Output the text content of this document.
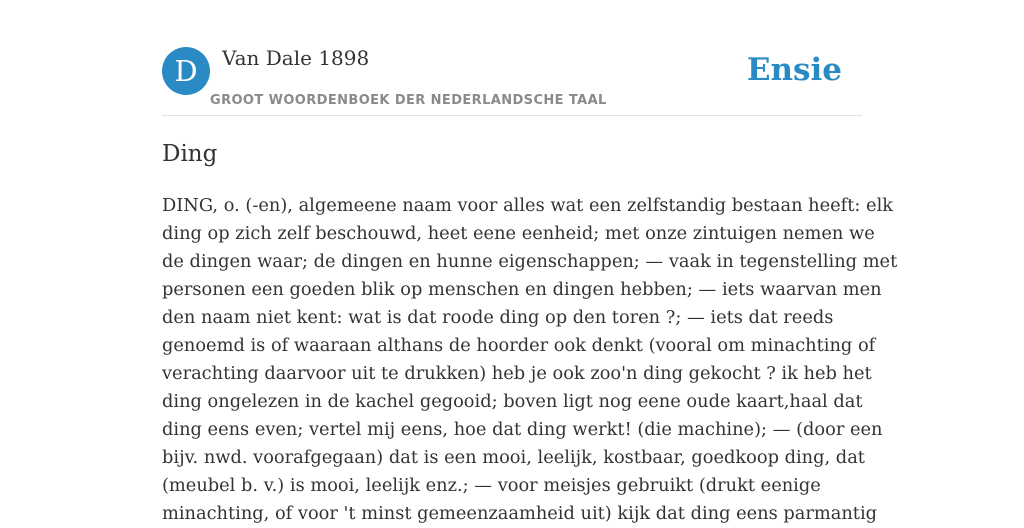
D	Van Dale 1898
GROOT WOORDENBOEK DER NEDERLANDSCHE TAAL
Ensie
Ding
DING, o. (-en), algemeene naam voor alles wat een zelfstandig bestaan heeft: elk
ding op zich zelf beschouwd, heet eene eenheid; met onze zintuigen nemen we
de dingen waar; de dingen en hunne eigenschappen; — vaak in tegenstelling met
personen een goeden blik op menschen en dingen hebben; — iets waarvan men
den naam niet kent: wat is dat roode ding op den toren ?; — iets dat reeds
genoemd is of waaraan althans de hoorder ook denkt (vooral om minachting of
verachting daarvoor uit te drukken) heb je ook zoo'n ding gekocht ? ik heb het
ding ongelezen in de kachel gegooid; boven ligt nog eene oude kaart,haal dat
ding eens even; vertel mij eens, hoe dat ding werkt! (die machine); — (door een
bijv. nwd. voorafgegaan) dat is een mooi, leelijk, kostbaar, goedkoop ding, dat
(meubel b. v.) is mooi, leelijk enz.; — voor meisjes gebruikt (drukt eenige
minachting, of voor 't minst gemeenzaamheid uit) kijk dat ding eens parmantig
